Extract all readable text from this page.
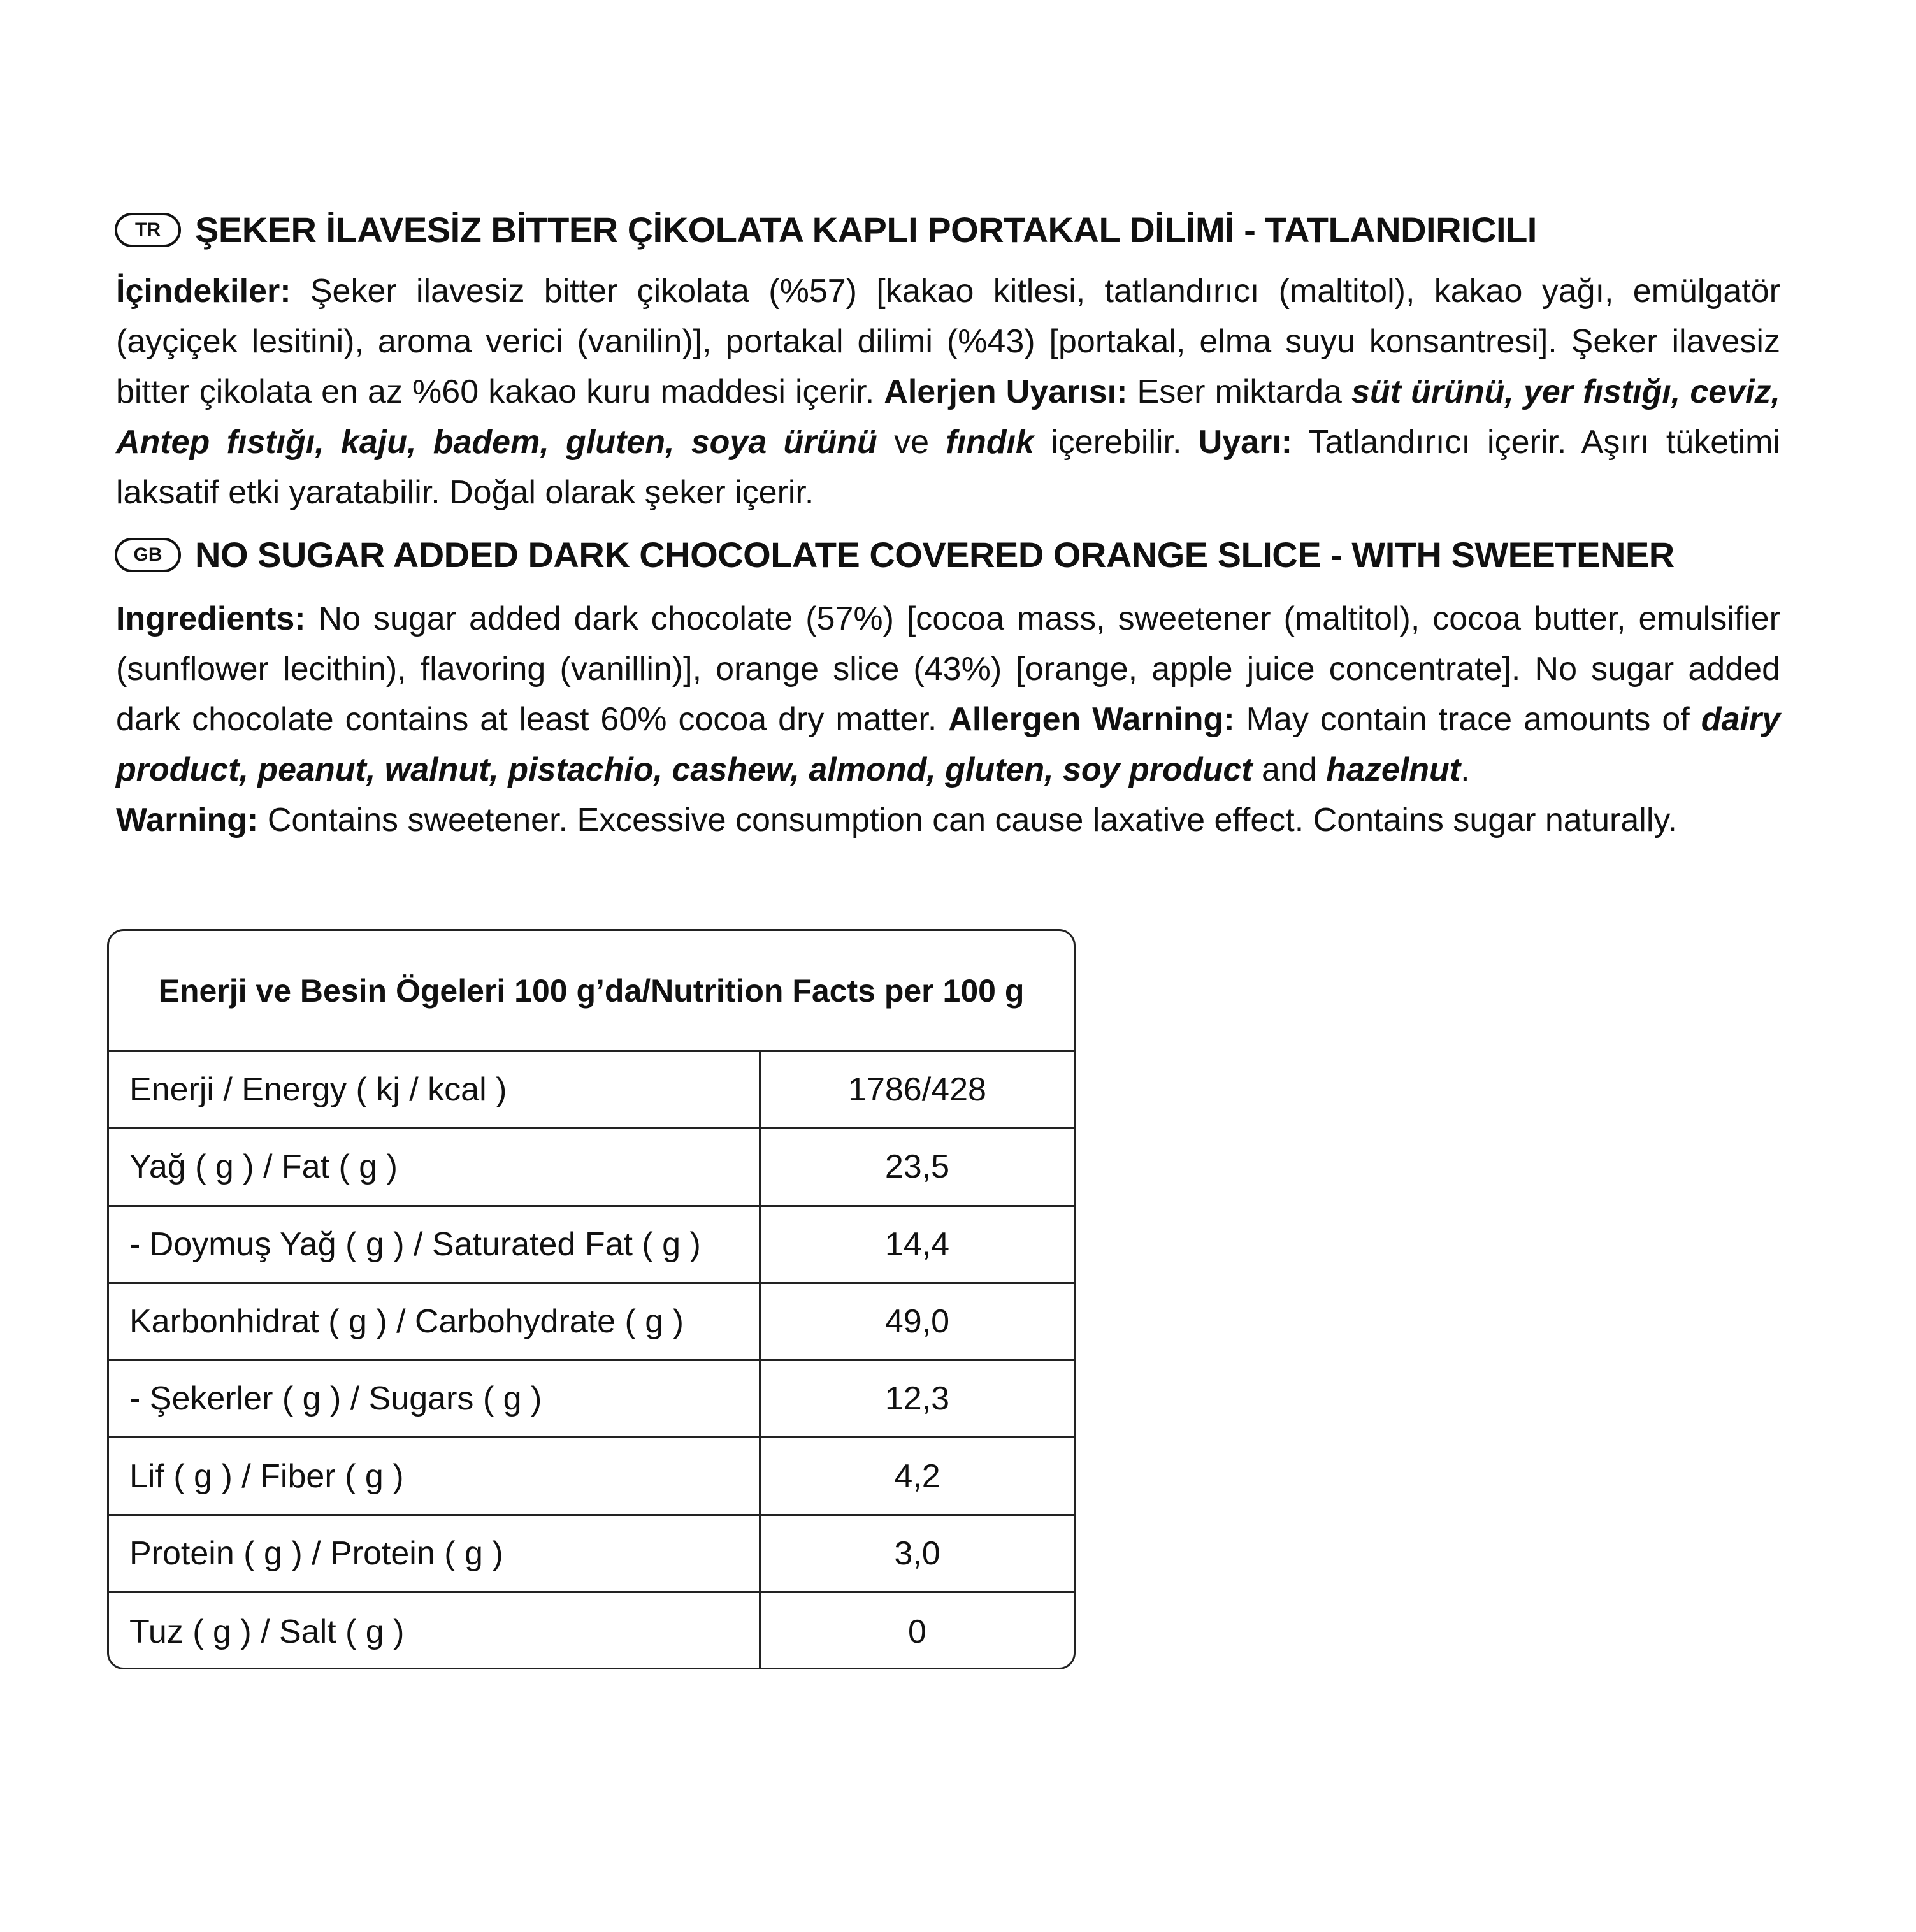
TR ŞEKER İLAVESİZ BİTTER ÇİKOLATA KAPLI PORTAKAL DİLİMİ - TATLANDIRICILI

İçindekiler: Şeker ilavesiz bitter çikolata (%57) [kakao kitlesi, tatlandırıcı (maltitol), kakao yağı, emülgatör (ayçiçek lesitini), aroma verici (vanilin)], portakal dilimi (%43) [portakal, elma suyu konsantresi]. Şeker ilavesiz bitter çikolata en az %60 kakao kuru maddesi içerir. Alerjen Uyarısı: Eser miktarda süt ürünü, yer fıstığı, ceviz, Antep fıstığı, kaju, badem, gluten, soya ürünü ve fındık içerebilir. Uyarı: Tatlandırıcı içerir. Aşırı tüketimi laksatif etki yaratabilir. Doğal olarak şeker içerir.

GB NO SUGAR ADDED DARK CHOCOLATE COVERED ORANGE SLICE - WITH SWEETENER

Ingredients: No sugar added dark chocolate (57%) [cocoa mass, sweetener (maltitol), cocoa butter, emulsifier (sunflower lecithin), flavoring (vanillin)], orange slice (43%) [orange, apple juice concentrate]. No sugar added dark chocolate contains at least 60% cocoa dry matter. Allergen Warning: May contain trace amounts of dairy product, peanut, walnut, pistachio, cashew, almond, gluten, soy product and hazelnut.
Warning: Contains sweetener. Excessive consumption can cause laxative effect. Contains sugar naturally.

Enerji ve Besin Ögeleri 100 g’da/Nutrition Facts per 100 g
Enerji / Energy ( kj / kcal )	1786/428
Yağ ( g ) / Fat ( g )	23,5
- Doymuş Yağ ( g ) / Saturated Fat ( g )	14,4
Karbonhidrat ( g ) / Carbohydrate ( g )	49,0
- Şekerler ( g ) / Sugars ( g )	12,3
Lif ( g ) / Fiber ( g )	4,2
Protein ( g ) / Protein ( g )	3,0
Tuz ( g ) / Salt ( g )	0
